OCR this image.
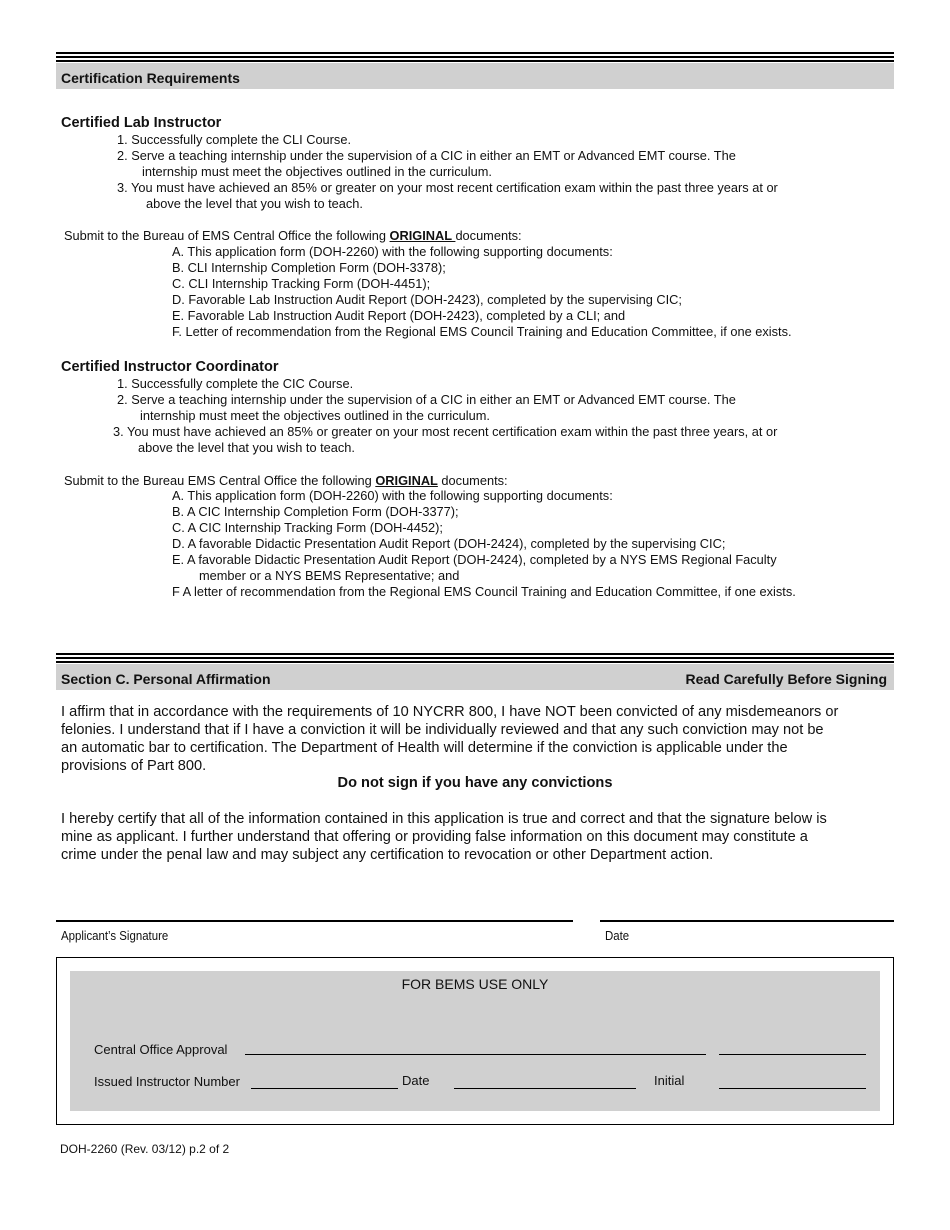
Certification Requirements
Certified Lab Instructor
1. Successfully complete the CLI Course.
2. Serve a teaching internship under the supervision of a CIC in either an EMT or Advanced EMT course. The
internship must meet the objectives outlined in the curriculum.
3. You must have achieved an 85% or greater on your most recent certification exam within the past three years at or
above the level that you wish to teach.
Submit to the Bureau of EMS Central Office the following ORIGINAL documents:
A. This application form (DOH-2260) with the following supporting documents:
B. CLI Internship Completion Form (DOH-3378);
C. CLI Internship Tracking Form (DOH-4451);
D. Favorable Lab Instruction Audit Report (DOH-2423), completed by the supervising CIC;
E. Favorable Lab Instruction Audit Report (DOH-2423), completed by a CLI; and
F. Letter of recommendation from the Regional EMS Council Training and Education Committee, if one exists.
Certified Instructor Coordinator
1. Successfully complete the CIC Course.
2. Serve a teaching internship under the supervision of a CIC in either an EMT or Advanced EMT course. The
internship must meet the objectives outlined in the curriculum.
3. You must have achieved an 85% or greater on your most recent certification exam within the past three years, at or
above the level that you wish to teach.
Submit to the Bureau EMS Central Office the following ORIGINAL documents:
A. This application form (DOH-2260) with the following supporting documents:
B. A CIC Internship Completion Form (DOH-3377);
C. A CIC Internship Tracking Form (DOH-4452);
D. A favorable Didactic Presentation Audit Report (DOH-2424), completed by the supervising CIC;
E. A favorable Didactic Presentation Audit Report (DOH-2424), completed by a NYS EMS Regional Faculty
member or a NYS BEMS Representative; and
F A letter of recommendation from the Regional EMS Council Training and Education Committee, if one exists.
Section C. Personal Affirmation	Read Carefully Before Signing
I affirm that in accordance with the requirements of 10 NYCRR 800, I have NOT been convicted of any misdemeanors or
felonies. I understand that if I have a conviction it will be individually reviewed and that any such conviction may not be
an automatic bar to certification. The Department of Health will determine if the conviction is applicable under the
provisions of Part 800.
Do not sign if you have any convictions
I hereby certify that all of the information contained in this application is true and correct and that the signature below is
mine as applicant. I further understand that offering or providing false information on this document may constitute a
crime under the penal law and may subject any certification to revocation or other Department action.
Applicant’s Signature	Date
FOR BEMS USE ONLY
Central Office Approval
Issued Instructor Number	Date	Initial
DOH-2260 (Rev. 03/12) p.2 of 2
